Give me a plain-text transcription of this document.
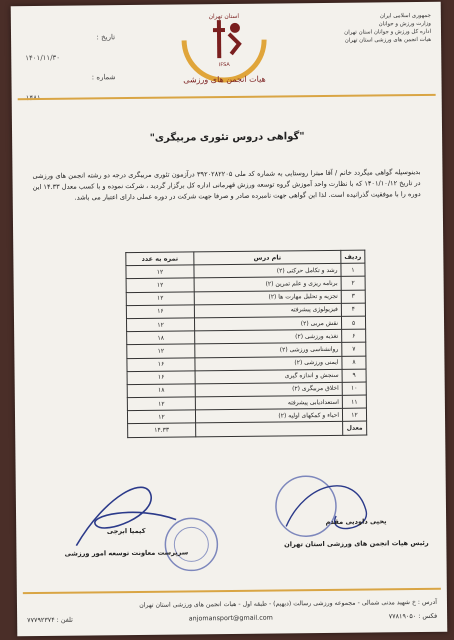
جمهوری اسلامی ایران
وزارت ورزش و جوانان
اداره کل ورزش و جوانان استان تهران
هیات انجمن های ورزشی استان تهران
تاریخ :
۱۴۰۱/۱۱/۳۰
شماره :
استان تهران
IFSA
هیات انجمن های ورزشی
"گواهی دروس تئوری مربیگری"
بدینوسیله گواهی میگردد خانم / آقا میترا روستایی به شماره کد ملی ۳۹۲۰۲۸۲۲۰۵ درآزمون تئوری مربیگری درجه دو رشته انجمن های ورزشی در تاریخ ۱۴۰۱/۱۰/۱۲ که با نظارت واحد آموزش گروه توسعه ورزش قهرمانی اداره کل برگزار گردید ، شرکت نموده و با کسب معدل ۱۴.۳۳ این دوره را با موفقیت گذرانیده است. لذا این گواهی جهت نامبرده صادر و صرفا جهت شرکت در دوره عملی دارای اعتبار می باشد.
ردیف	نام درس	نمره به عدد
۱	رشد و تکامل حرکتی (۲)	۱۲
۲	برنامه ریزی و علم تمرین (۲)	۱۲
۳	تجزیه و تحلیل مهارت ها (۲)	۱۲
۴	فیزیولوژی پیشرفته	۱۶
۵	نقش مربی (۲)	۱۲
۶	تغذیه ورزشی (۲)	۱۸
۷	روانشناسی ورزشی (۲)	۱۲
۸	ایمنی ورزشی (۲)	۱۶
۹	سنجش و اندازه گیری	۱۶
۱۰	اخلاق مربیگری (۲)	۱۸
۱۱	استعدادیابی پیشرفته	۱۲
۱۲	احیاء و کمکهای اولیه (۲)	۱۲
معدل		۱۴.۳۳
کیمیا ابرجی
سرپرست معاونت توسعه امور ورزشی
یحیی داودیی مقدم
رئیس هیات انجمن های ورزشی استان تهران
آدرس : خ شهید مدنی شمالی - مجموعه ورزشی رسالت (دیهیم) - طبقه اول - هیات انجمن های ورزشی استان تهران
فکس : ۷۷۸۱۹۰۵۰
anjomansport@gmail.com
تلفن : ۷۷۷۹۲۳۷۴
